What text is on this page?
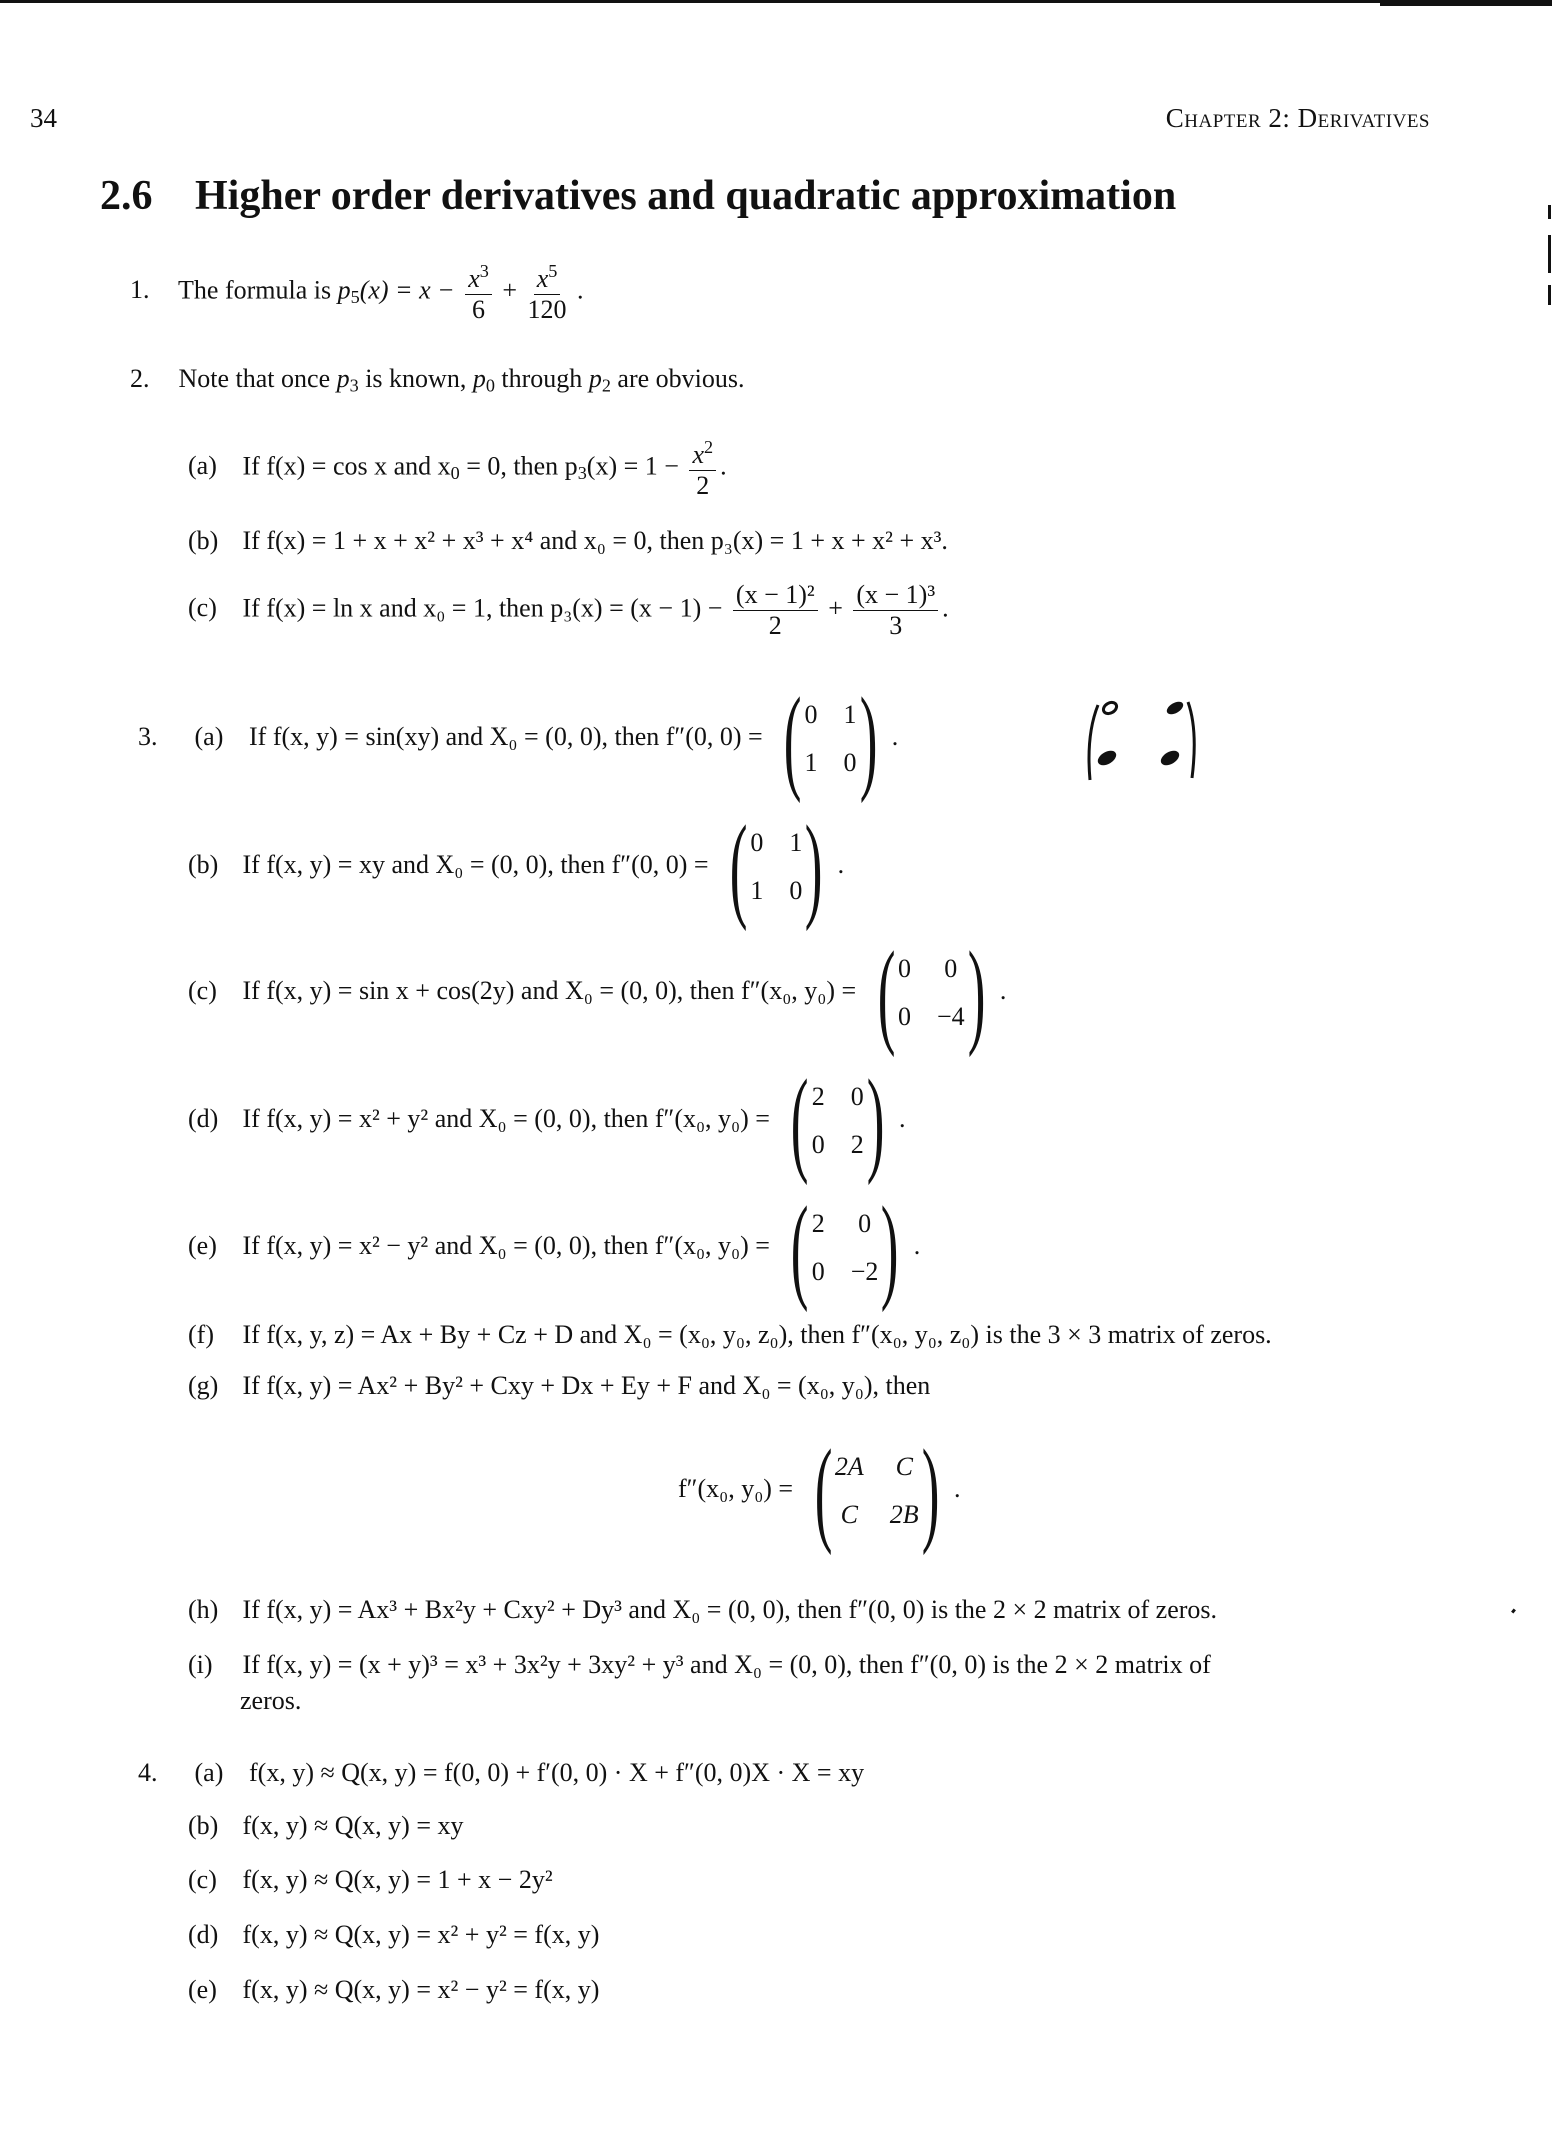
34	Chapter 2: Derivatives
2.6 Higher order derivatives and quadratic approximation
1. The formula is $p_5(x) = x - \frac{x^3}{6} + \frac{x^5}{120}$ .
2. Note that once $p_3$ is known, $p_0$ through $p_2$ are obvious.
(a) If f(x) = cos x and $x_0 = 0$, then $p_3(x) = 1 - \frac{x^2}{2}$ .
(b) If f(x) = 1 + x + x² + x³ + x⁴ and x₀ = 0, then p₃(x) = 1 + x + x² + x³.
(c) If f(x) = ln x and x₀ = 1, then $p_3(x) = (x - 1) - \frac{\text{(x − 1)²}}{2} + \frac{\text{(x − 1)³}}{3}$ .
3. (a) If f(x, y) = sin(xy) and X₀ = (0, 0), then f″(0, 0) = ( 0 1
1 0 ) .
(b) If f(x, y) = xy and X₀ = (0, 0), then f″(0, 0) = ( 0 1
1 0 ) .
(c) If f(x, y) = sin x + cos(2y) and X₀ = (0, 0), then f″(x₀, y₀) = ( 0 0
0 −4 ) .
(d) If f(x, y) = x² + y² and X₀ = (0, 0), then f″(x₀, y₀) = ( 2 0
0 2 ) .
(e) If f(x, y) = x² − y² and X₀ = (0, 0), then f″(x₀, y₀) = ( 2 0
0 −2 ) .
(f) If f(x, y, z) = Ax + By + Cz + D and X₀ = (x₀, y₀, z₀), then f″(x₀, y₀, z₀) is the 3 × 3 matrix of zeros.
(g) If f(x, y) = Ax² + By² + Cxy + Dx + Ey + F and X₀ = (x₀, y₀), then
f″(x₀, y₀) = ( 2A C
C 2B ) .
(h) If f(x, y) = Ax³ + Bx²y + Cxy² + Dy³ and X₀ = (0, 0), then f″(0, 0) is the 2 × 2 matrix of zeros.
(i) If f(x, y) = (x + y)³ = x³ + 3x²y + 3xy² + y³ and X₀ = (0, 0), then f″(0, 0) is the 2 × 2 matrix of
zeros.
4. (a) f(x, y) ≈ Q(x, y) = f(0, 0) + f′(0, 0) · X + f″(0, 0)X · X = xy
(b) f(x, y) ≈ Q(x, y) = xy
(c) f(x, y) ≈ Q(x, y) = 1 + x − 2y²
(d) f(x, y) ≈ Q(x, y) = x² + y² = f(x, y)
(e) f(x, y) ≈ Q(x, y) = x² − y² = f(x, y)
